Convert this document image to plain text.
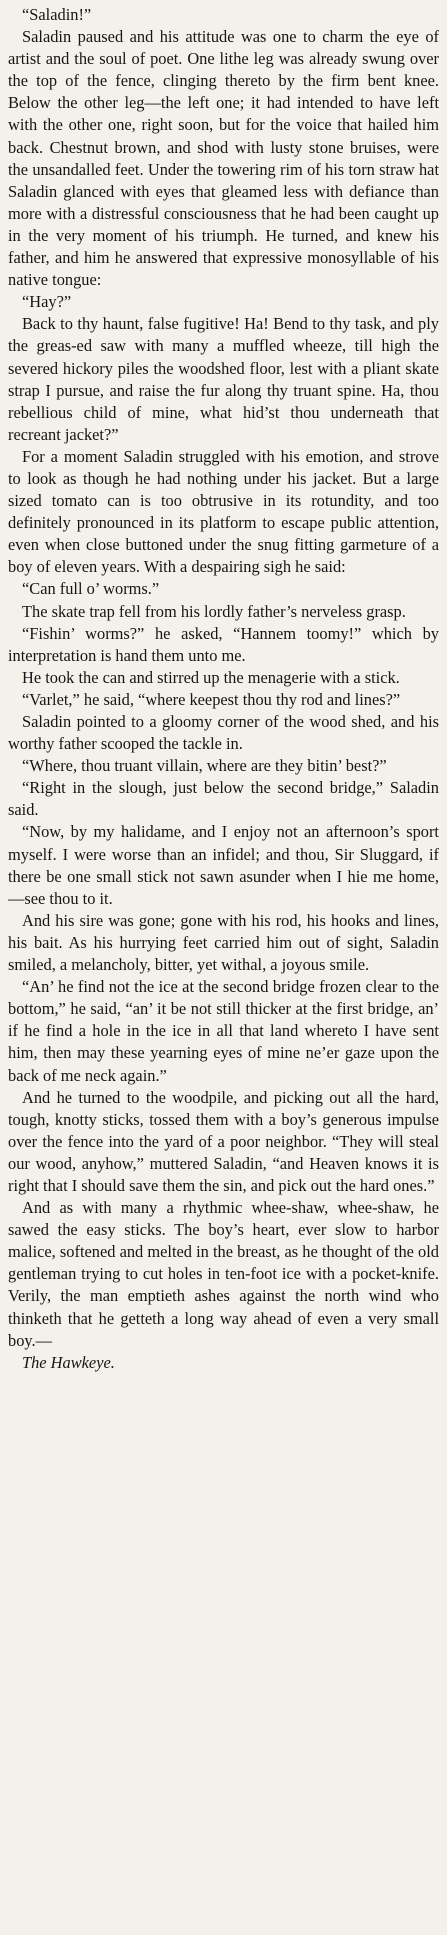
“Saladin!”

Saladin paused and his attitude was one to charm the eye of artist and the soul of poet. One lithe leg was already swung over the top of the fence, clinging thereto by the firm bent knee. Below the other leg—the left one; it had intended to have left with the other one, right soon, but for the voice that hailed him back. Chestnut brown, and shod with lusty stone bruises, were the unsandalled feet. Under the towering rim of his torn straw hat Saladin glanced with eyes that gleamed less with defiance than more with a distressful consciousness that he had been caught up in the very moment of his triumph. He turned, and knew his father, and him he answered that expressive monosyllable of his native tongue:

“Hay?”

Back to thy haunt, false fugitive! Ha! Bend to thy task, and ply the greas-ed saw with many a muffled wheeze, till high the severed hickory piles the woodshed floor, lest with a pliant skate strap I pursue, and raise the fur along thy truant spine. Ha, thou rebellious child of mine, what hid’st thou underneath that recreant jacket?”

For a moment Saladin struggled with his emotion, and strove to look as though he had nothing under his jacket. But a large sized tomato can is too obtrusive in its rotundity, and too definitely pronounced in its platform to escape public attention, even when close buttoned under the snug fitting garmeture of a boy of eleven years. With a despairing sigh he said:

“Can full o’ worms.”

The skate trap fell from his lordly father’s nerveless grasp.

“Fishin’ worms?” he asked, “Hannem toomy!” which by interpretation is hand them unto me.

He took the can and stirred up the menagerie with a stick.

“Varlet,” he said, “where keepest thou thy rod and lines?”

Saladin pointed to a gloomy corner of the wood shed, and his worthy father scooped the tackle in.

“Where, thou truant villain, where are they bitin’ best?”

“Right in the slough, just below the second bridge,” Saladin said.

“Now, by my halidame, and I enjoy not an afternoon’s sport myself. I were worse than an infidel; and thou, Sir Sluggard, if there be one small stick not sawn asunder when I hie me home,—see thou to it.

And his sire was gone; gone with his rod, his hooks and lines, his bait. As his hurrying feet carried him out of sight, Saladin smiled, a melancholy, bitter, yet withal, a joyous smile.

“An’ he find not the ice at the second bridge frozen clear to the bottom,” he said, “an’ it be not still thicker at the first bridge, an’ if he find a hole in the ice in all that land whereto I have sent him, then may these yearning eyes of mine ne’er gaze upon the back of me neck again.”

And he turned to the woodpile, and picking out all the hard, tough, knotty sticks, tossed them with a boy’s generous impulse over the fence into the yard of a poor neighbor. “They will steal our wood, anyhow,” muttered Saladin, “and Heaven knows it is right that I should save them the sin, and pick out the hard ones.”

And as with many a rhythmic whee-shaw, whee-shaw, he sawed the easy sticks. The boy’s heart, ever slow to harbor malice, softened and melted in the breast, as he thought of the old gentleman trying to cut holes in ten-foot ice with a pocket-knife. Verily, the man emptieth ashes against the north wind who thinketh that he getteth a long way ahead of even a very small boy.—

The Hawkeye.
